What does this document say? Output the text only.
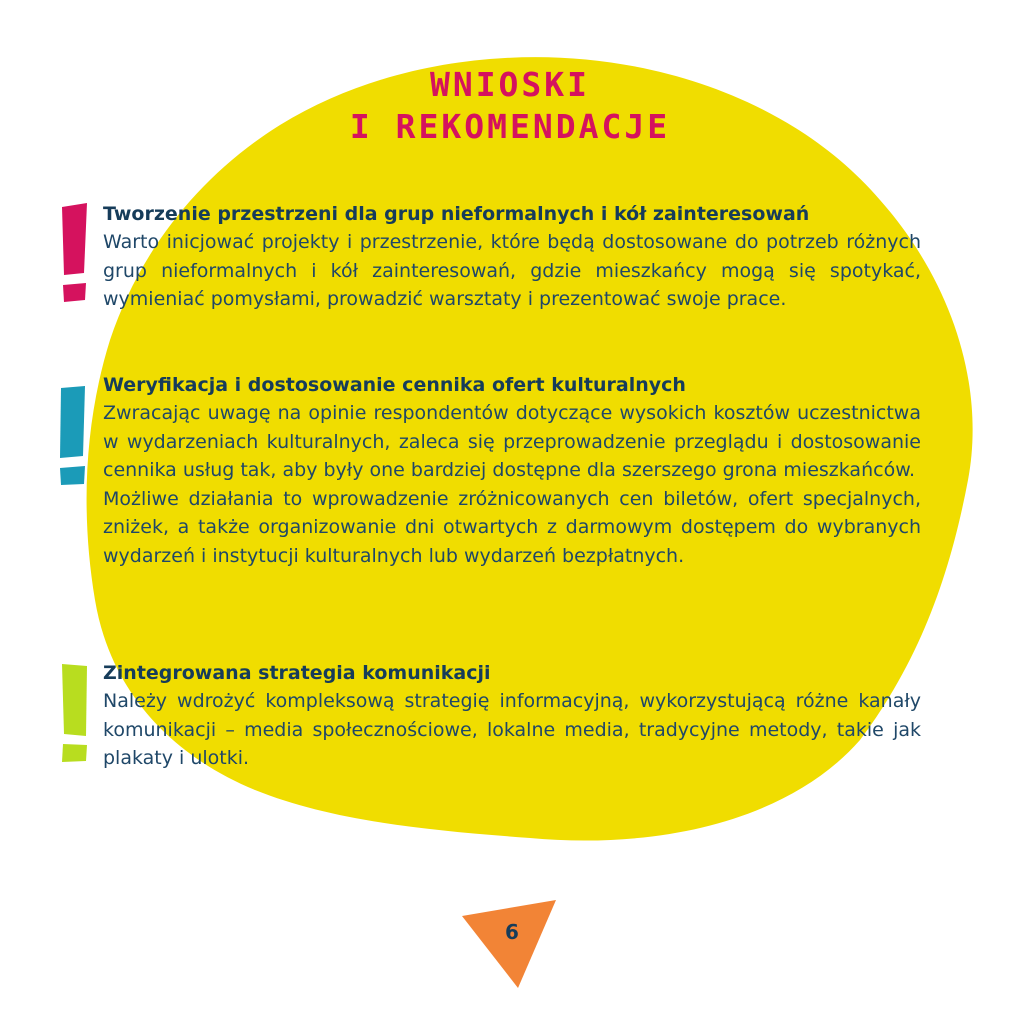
WNIOSKI
I REKOMENDACJE
Tworzenie przestrzeni dla grup nieformalnych i kół zainteresowań

Warto inicjować projekty i przestrzenie, które będą dostosowane do potrzeb różnych grup nieformalnych i kół zainteresowań, gdzie mieszkańcy mogą się spotykać, wymieniać pomysłami, prowadzić warsztaty i prezentować swoje prace.

Weryfikacja i dostosowanie cennika ofert kulturalnych

Zwracając uwagę na opinie respondentów dotyczące wysokich kosztów uczestnictwa w wydarzeniach kulturalnych, zaleca się przeprowadzenie przeglądu i dostosowanie cennika usług tak, aby były one bardziej dostępne dla szerszego grona mieszkańców.

Możliwe działania to wprowadzenie zróżnicowanych cen biletów, ofert specjalnych, zniżek, a także organizowanie dni otwartych z darmowym dostępem do wybranych wydarzeń i instytucji kulturalnych lub wydarzeń bezpłatnych.

Zintegrowana strategia komunikacji

Należy wdrożyć kompleksową strategię informacyjną, wykorzystującą różne kanały komunikacji – media społecznościowe, lokalne media, tradycyjne metody, takie jak plakaty i ulotki.

6
